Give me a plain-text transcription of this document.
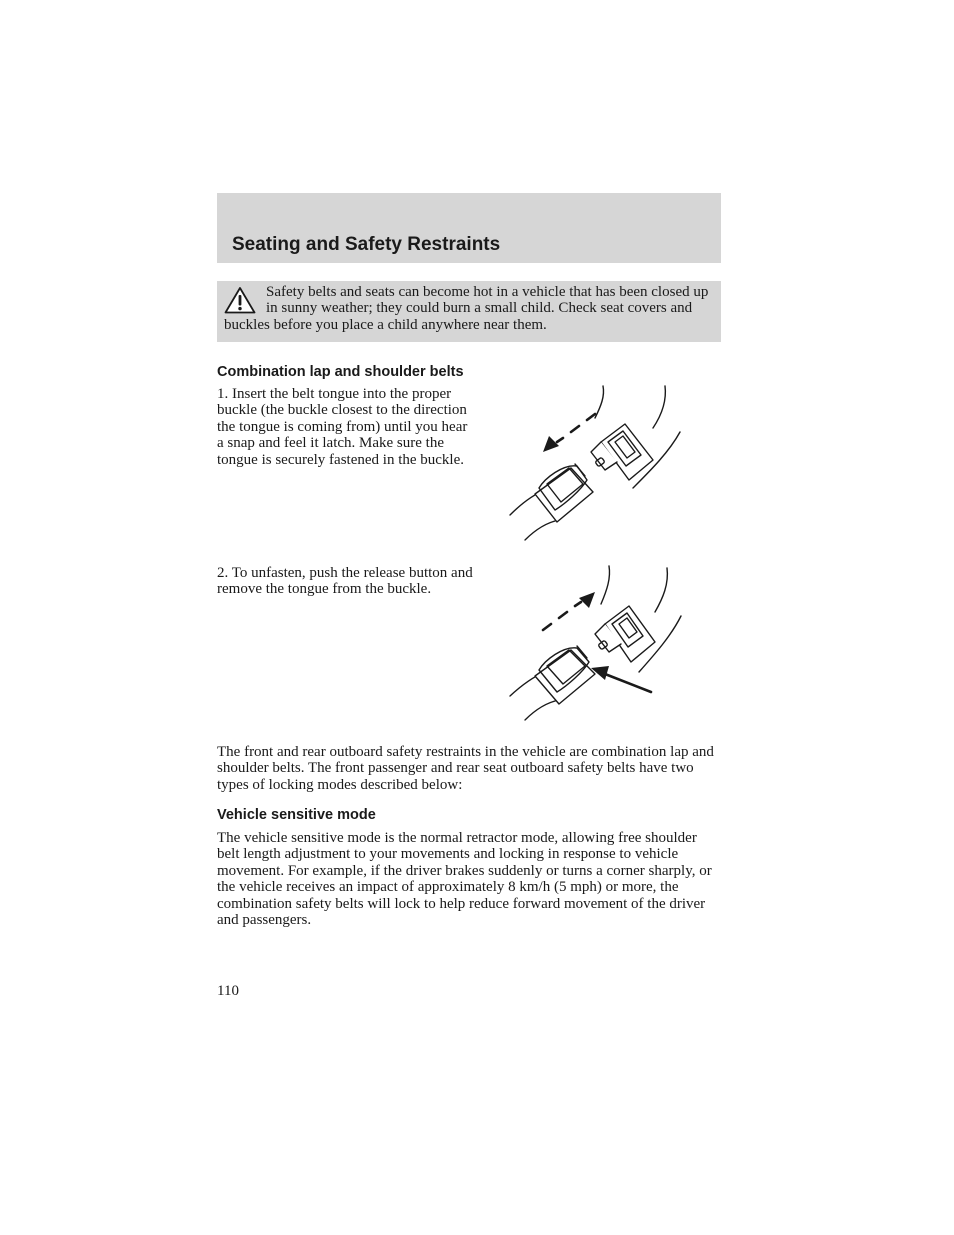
Seating and Safety Restraints

Safety belts and seats can become hot in a vehicle that has been closed up in sunny weather; they could burn a small child. Check seat covers and buckles before you place a child anywhere near them.

Combination lap and shoulder belts

1. Insert the belt tongue into the proper buckle (the buckle closest to the direction the tongue is coming from) until you hear a snap and feel it latch. Make sure the tongue is securely fastened in the buckle.

2. To unfasten, push the release button and remove the tongue from the buckle.

The front and rear outboard safety restraints in the vehicle are combination lap and shoulder belts. The front passenger and rear seat outboard safety belts have two types of locking modes described below:

Vehicle sensitive mode

The vehicle sensitive mode is the normal retractor mode, allowing free shoulder belt length adjustment to your movements and locking in response to vehicle movement. For example, if the driver brakes suddenly or turns a corner sharply, or the vehicle receives an impact of approximately 8 km/h (5 mph) or more, the combination safety belts will lock to help reduce forward movement of the driver and passengers.

110
